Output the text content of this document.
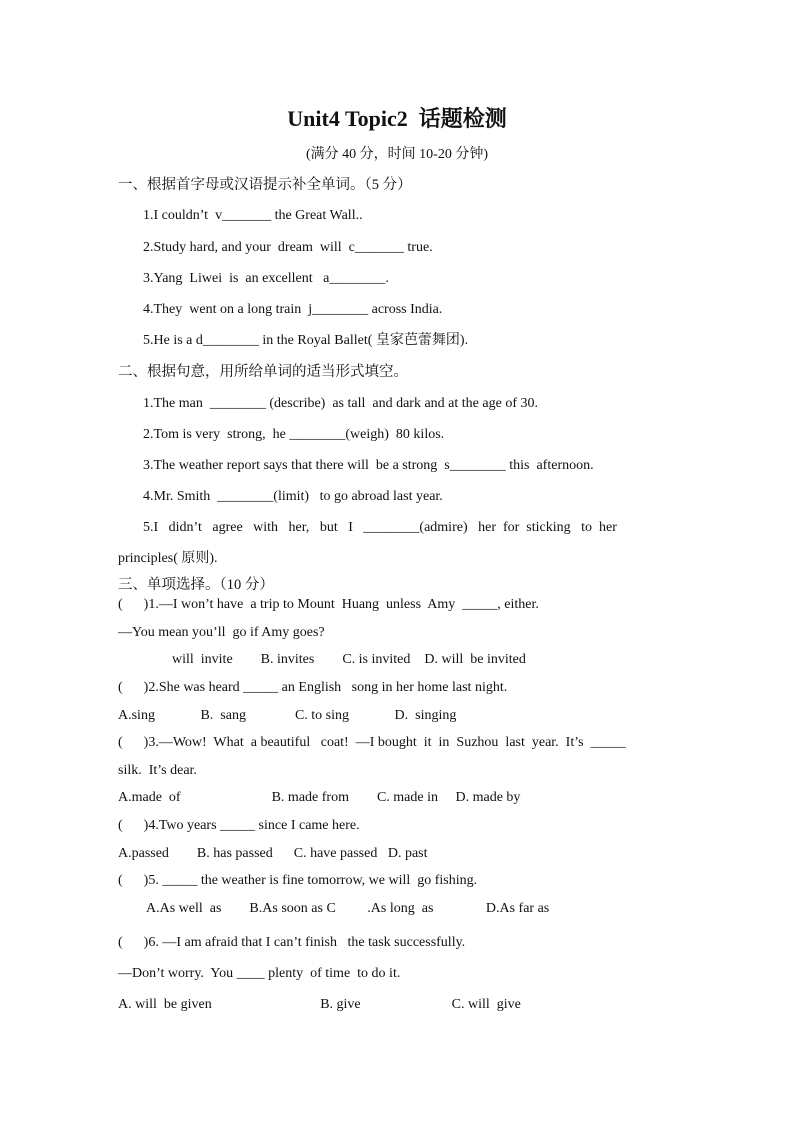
Unit4 Topic2  话题检测
(满分 40 分，时间 10-20 分钟)
一、根据首字母或汉语提示补全单词。（5 分）
1.I couldn’t  v_______ the Great Wall..
2.Study hard, and your  dream  will  c_______ true.
3.Yang  Liwei  is  an excellent   a________.
4.They  went on a long train  j________ across India.
5.He is a d________ in the Royal Ballet( 皇家芭蕾舞团).
二、根据句意，用所给单词的适当形式填空。
1.The man  ________ (describe)  as tall  and dark and at the age of 30.
2.Tom is very  strong,  he ________(weigh)  80 kilos.
3.The weather report says that there will  be a strong  s________ this  afternoon.
4.Mr. Smith  ________(limit)   to go abroad last year.
5.I   didn’t   agree   with   her,   but   I   ________(admire)   her  for  sticking   to  her
principles( 原则).
三、单项选择。（10 分）
(      )1.—I won’t have  a trip to Mount  Huang  unless  Amy  _____, either.
—You mean you’ll  go if Amy goes?
will  invite        B. invites        C. is invited    D. will  be invited
(      )2.She was heard _____ an English   song in her home last night.
A.sing             B.  sang              C. to sing             D.  singing
(      )3.—Wow!  What  a beautiful   coat!  —I bought  it  in  Suzhou  last  year.  It’s  _____
silk.  It’s dear.
A.made  of                          B. made from        C. made in     D. made by
(      )4.Two years _____ since I came here.
A.passed        B. has passed      C. have passed   D. past
(      )5. _____ the weather is fine tomorrow, we will  go fishing.
A.As well  as        B.As soon as C         .As long  as               D.As far as
(      )6. —I am afraid that I can’t finish   the task successfully.
—Don’t worry.  You ____ plenty  of time  to do it.
A. will  be given                               B. give                          C. will  give
